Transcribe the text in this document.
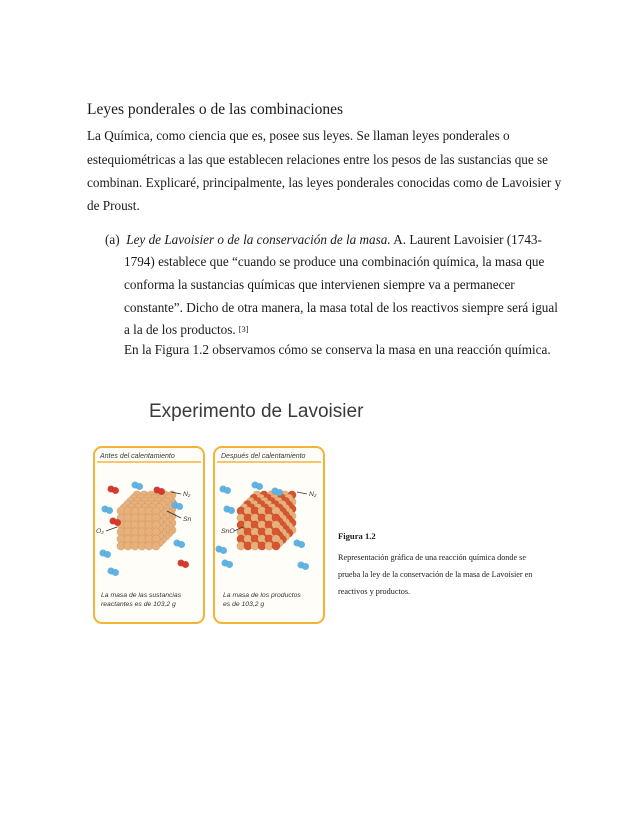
Leyes ponderales o de las combinaciones
La Química, como ciencia que es, posee sus leyes. Se llaman leyes ponderales o
estequiométricas a las que establecen relaciones entre los pesos de las sustancias que se
combinan. Explicaré, principalmente, las leyes ponderales conocidas como de Lavoisier y
de Proust.
(a) Ley de Lavoisier o de la conservación de la masa. A. Laurent Lavoisier (1743-
1794) establece que “cuando se produce una combinación química, la masa que
conforma la sustancias químicas que intervienen siempre va a permanecer
constante”. Dicho de otra manera, la masa total de los reactivos siempre será igual
a la de los productos. [3]
En la Figura 1.2 observamos cómo se conserva la masa en una reacción química.
Experimento de Lavoisier
Antes del calentamiento
N₂
Sn
O₂
La masa de las sustancias
reactantes es de 103,2 g
Después del calentamiento
N₂
SnO
La masa de los productos
es de 103,2 g
Figura 1.2
Representación gráfica de una reacción química donde se
prueba la ley de la conservación de la masa de Lavoisier en
reactivos y productos.
